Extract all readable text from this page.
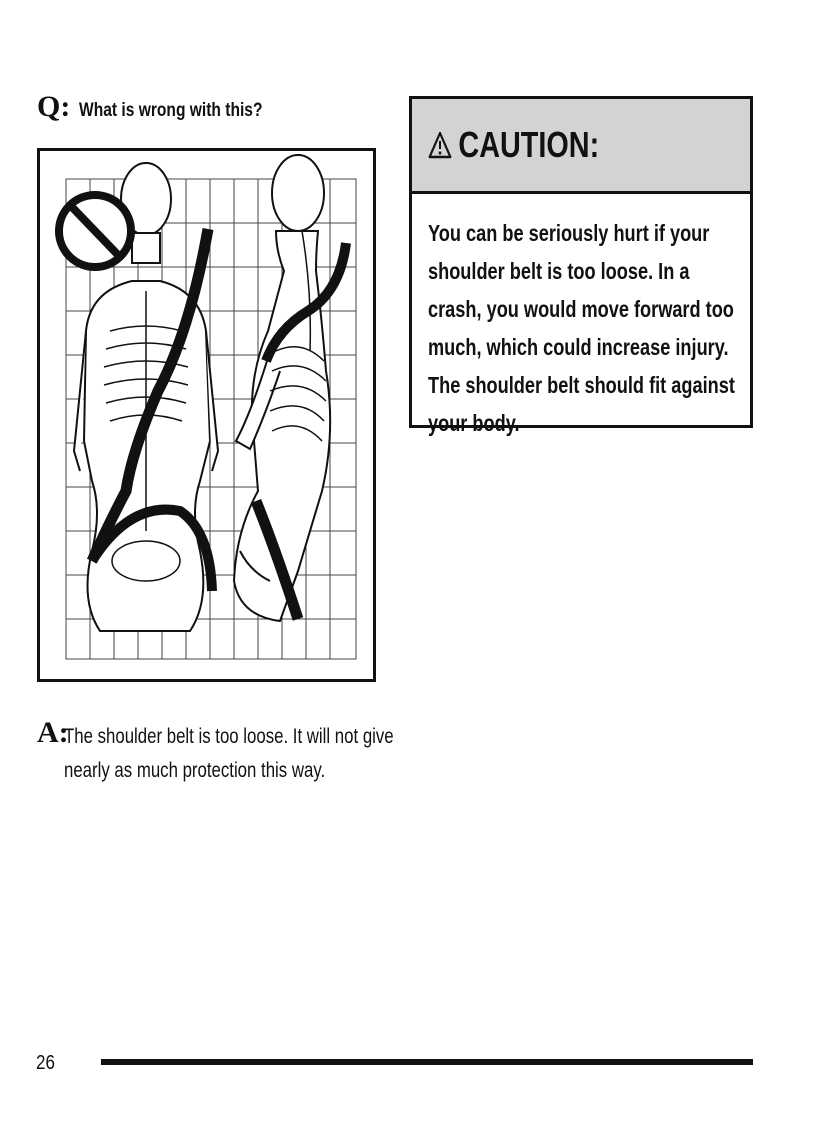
Q: What is wrong with this?
A:
The shoulder belt is too loose. It will not give nearly as much protection this way.
CAUTION:

You can be seriously hurt if your shoulder belt is too loose. In a crash, you would move forward too much, which could increase injury. The shoulder belt should fit against your body.

26
